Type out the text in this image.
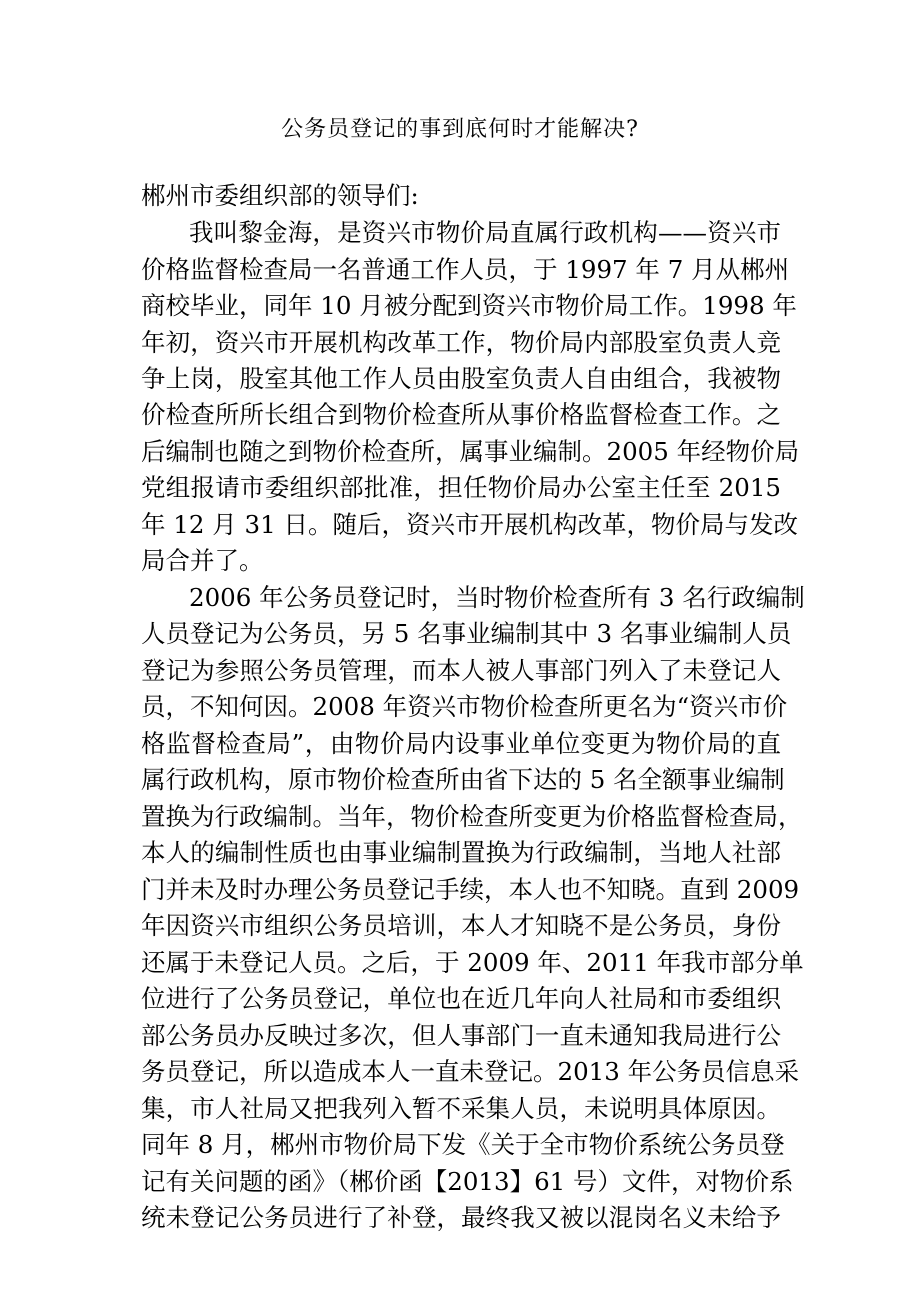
公务员登记的事到底何时才能解决?
郴州市委组织部的领导们:
我叫黎金海，是资兴市物价局直属行政机构——资兴市
价格监督检查局一名普通工作人员，于 1997 年 7 月从郴州
商校毕业，同年 10 月被分配到资兴市物价局工作。1998 年
年初，资兴市开展机构改革工作，物价局内部股室负责人竞
争上岗，股室其他工作人员由股室负责人自由组合，我被物
价检查所所长组合到物价检查所从事价格监督检查工作。之
后编制也随之到物价检查所，属事业编制。2005 年经物价局
党组报请市委组织部批准，担任物价局办公室主任至 2015
年 12 月 31 日。随后，资兴市开展机构改革，物价局与发改
局合并了。
2006 年公务员登记时，当时物价检查所有 3 名行政编制
人员登记为公务员，另 5 名事业编制其中 3 名事业编制人员
登记为参照公务员管理，而本人被人事部门列入了未登记人
员，不知何因。2008 年资兴市物价检查所更名为“资兴市价
格监督检查局”，由物价局内设事业单位变更为物价局的直
属行政机构，原市物价检查所由省下达的 5 名全额事业编制
置换为行政编制。当年，物价检查所变更为价格监督检查局，
本人的编制性质也由事业编制置换为行政编制，当地人社部
门并未及时办理公务员登记手续，本人也不知晓。直到 2009
年因资兴市组织公务员培训，本人才知晓不是公务员，身份
还属于未登记人员。之后，于 2009 年、2011 年我市部分单
位进行了公务员登记，单位也在近几年向人社局和市委组织
部公务员办反映过多次，但人事部门一直未通知我局进行公
务员登记，所以造成本人一直未登记。2013 年公务员信息采
集，市人社局又把我列入暂不采集人员，未说明具体原因。
同年 8 月，郴州市物价局下发《关于全市物价系统公务员登
记有关问题的函》（郴价函【2013】61 号）文件，对物价系
统未登记公务员进行了补登，最终我又被以混岗名义未给予
